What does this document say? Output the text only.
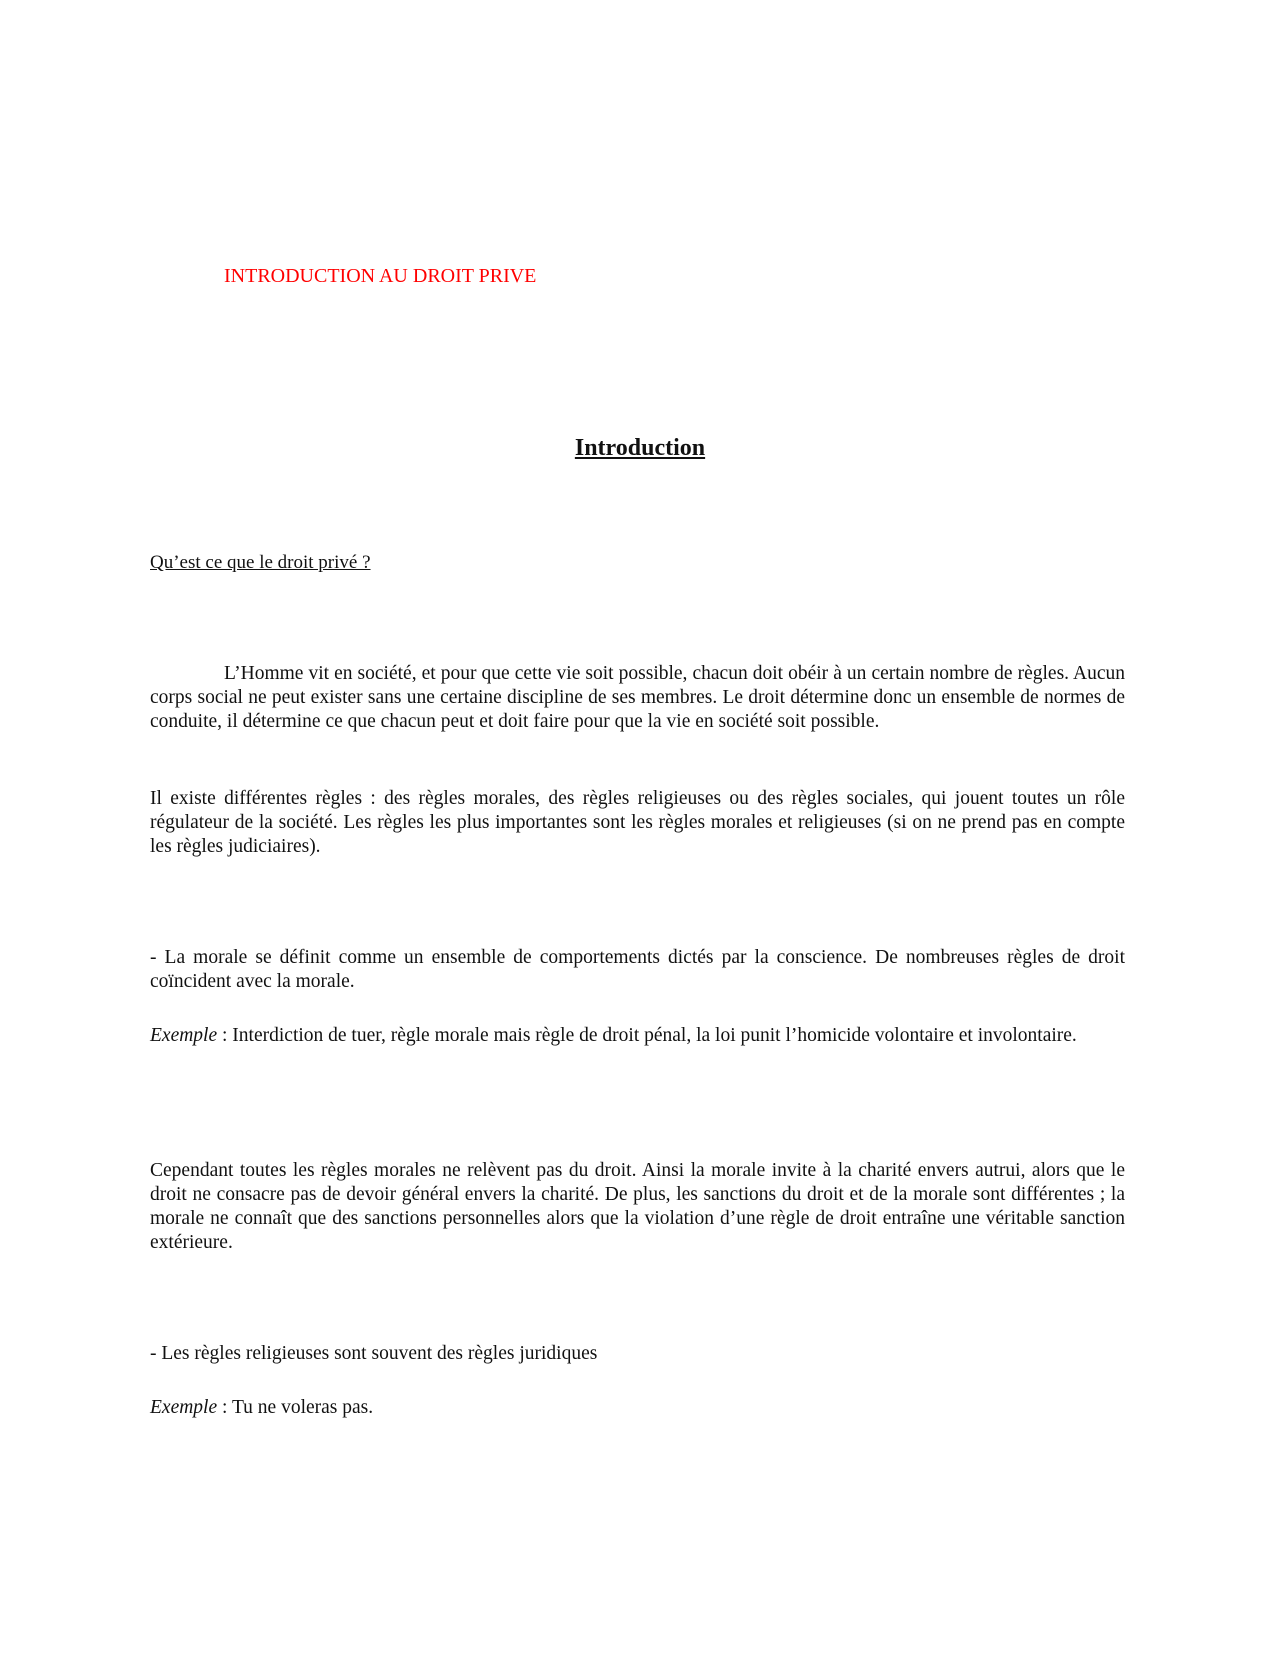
INTRODUCTION AU DROIT PRIVE
Introduction
Qu’est ce que le droit privé ?

L’Homme vit en société, et pour que cette vie soit possible, chacun doit obéir à un certain nombre de règles. Aucun corps social ne peut exister sans une certaine discipline de ses membres. Le droit détermine donc un ensemble de normes de conduite, il détermine ce que chacun peut et doit faire pour que la vie en société soit possible.

Il existe différentes règles : des règles morales, des règles religieuses ou des règles sociales, qui jouent toutes un rôle régulateur de la société. Les règles les plus importantes sont les règles morales et religieuses (si on ne prend pas en compte les règles judiciaires).

- La morale se définit comme un ensemble de comportements dictés par la conscience. De nombreuses règles de droit coïncident avec la morale.

Exemple : Interdiction de tuer, règle morale mais règle de droit pénal, la loi punit l’homicide volontaire et involontaire.

Cependant toutes les règles morales ne relèvent pas du droit. Ainsi la morale invite à la charité envers autrui, alors que le droit ne consacre pas de devoir général envers la charité. De plus, les sanctions du droit et de la morale sont différentes ; la morale ne connaît que des sanctions personnelles alors que la violation d’une règle de droit entraîne une véritable sanction extérieure.

- Les règles religieuses sont souvent des règles juridiques

Exemple : Tu ne voleras pas.
